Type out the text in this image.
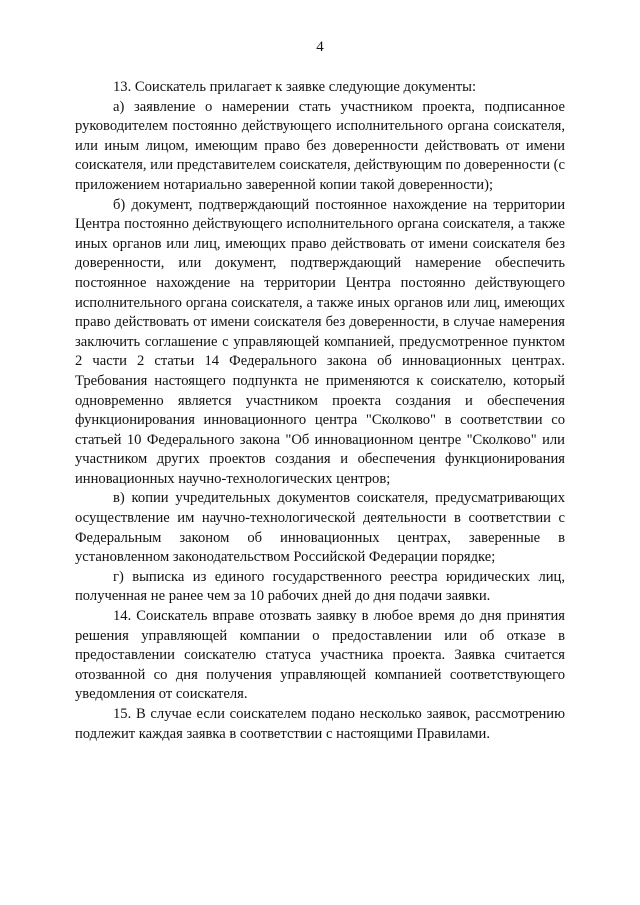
4

13. Соискатель прилагает к заявке следующие документы:

а) заявление о намерении стать участником проекта, подписанное руководителем постоянно действующего исполнительного органа соискателя, или иным лицом, имеющим право без доверенности действовать от имени соискателя, или представителем соискателя, действующим по доверенности (с приложением нотариально заверенной копии такой доверенности);

б) документ, подтверждающий постоянное нахождение на территории Центра постоянно действующего исполнительного органа соискателя, а также иных органов или лиц, имеющих право действовать от имени соискателя без доверенности, или документ, подтверждающий намерение обеспечить постоянное нахождение на территории Центра постоянно действующего исполнительного органа соискателя, а также иных органов или лиц, имеющих право действовать от имени соискателя без доверенности, в случае намерения заключить соглашение с управляющей компанией, предусмотренное пунктом 2 части 2 статьи 14 Федерального закона об инновационных центрах. Требования настоящего подпункта не применяются к соискателю, который одновременно является участником проекта создания и обеспечения функционирования инновационного центра "Сколково" в соответствии со статьей 10 Федерального закона "Об инновационном центре "Сколково" или участником других проектов создания и обеспечения функционирования инновационных научно-технологических центров;

в) копии учредительных документов соискателя, предусматривающих осуществление им научно-технологической деятельности в соответствии с Федеральным законом об инновационных центрах, заверенные в установленном законодательством Российской Федерации порядке;

г) выписка из единого государственного реестра юридических лиц, полученная не ранее чем за 10 рабочих дней до дня подачи заявки.

14. Соискатель вправе отозвать заявку в любое время до дня принятия решения управляющей компании о предоставлении или об отказе в предоставлении соискателю статуса участника проекта. Заявка считается отозванной со дня получения управляющей компанией соответствующего уведомления от соискателя.

15. В случае если соискателем подано несколько заявок, рассмотрению подлежит каждая заявка в соответствии с настоящими Правилами.
